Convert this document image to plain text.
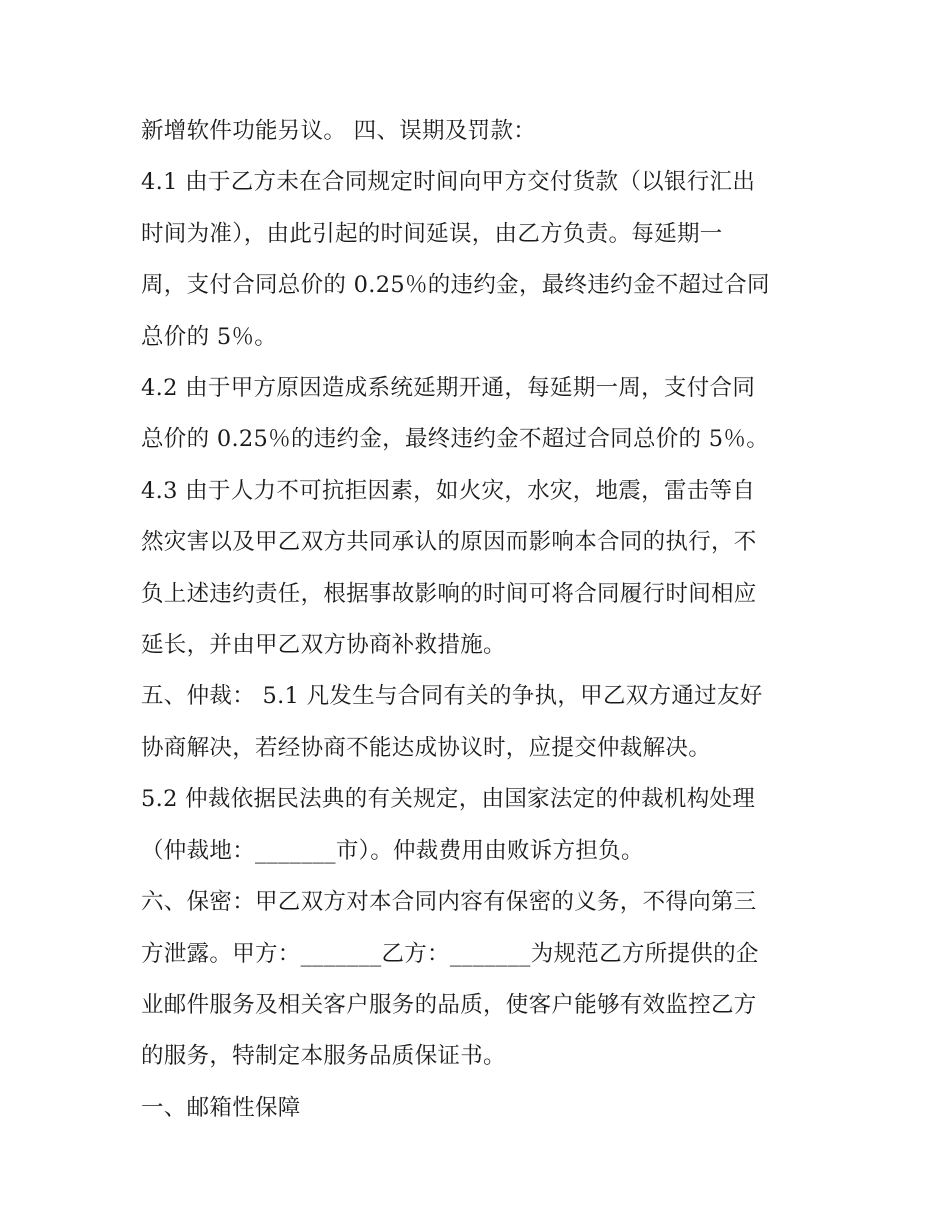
新增软件功能另议。 四、误期及罚款：

4.1 由于乙方未在合同规定时间向甲方交付货款（以银行汇出

时间为准），由此引起的时间延误，由乙方负责。每延期一

周，支付合同总价的 0.25％的违约金，最终违约金不超过合同

总价的 5％。

4.2 由于甲方原因造成系统延期开通，每延期一周，支付合同

总价的 0.25％的违约金，最终违约金不超过合同总价的 5％。

4.3 由于人力不可抗拒因素，如火灾，水灾，地震，雷击等自

然灾害以及甲乙双方共同承认的原因而影响本合同的执行，不

负上述违约责任，根据事故影响的时间可将合同履行时间相应

延长，并由甲乙双方协商补救措施。

五、仲裁： 5.1 凡发生与合同有关的争执，甲乙双方通过友好

协商解决，若经协商不能达成协议时，应提交仲裁解决。

5.2 仲裁依据民法典的有关规定，由国家法定的仲裁机构处理

（仲裁地：_______市）。仲裁费用由败诉方担负。

六、保密：甲乙双方对本合同内容有保密的义务，不得向第三

方泄露。甲方：_______乙方：_______为规范乙方所提供的企

业邮件服务及相关客户服务的品质，使客户能够有效监控乙方

的服务，特制定本服务品质保证书。

一、邮箱性保障
